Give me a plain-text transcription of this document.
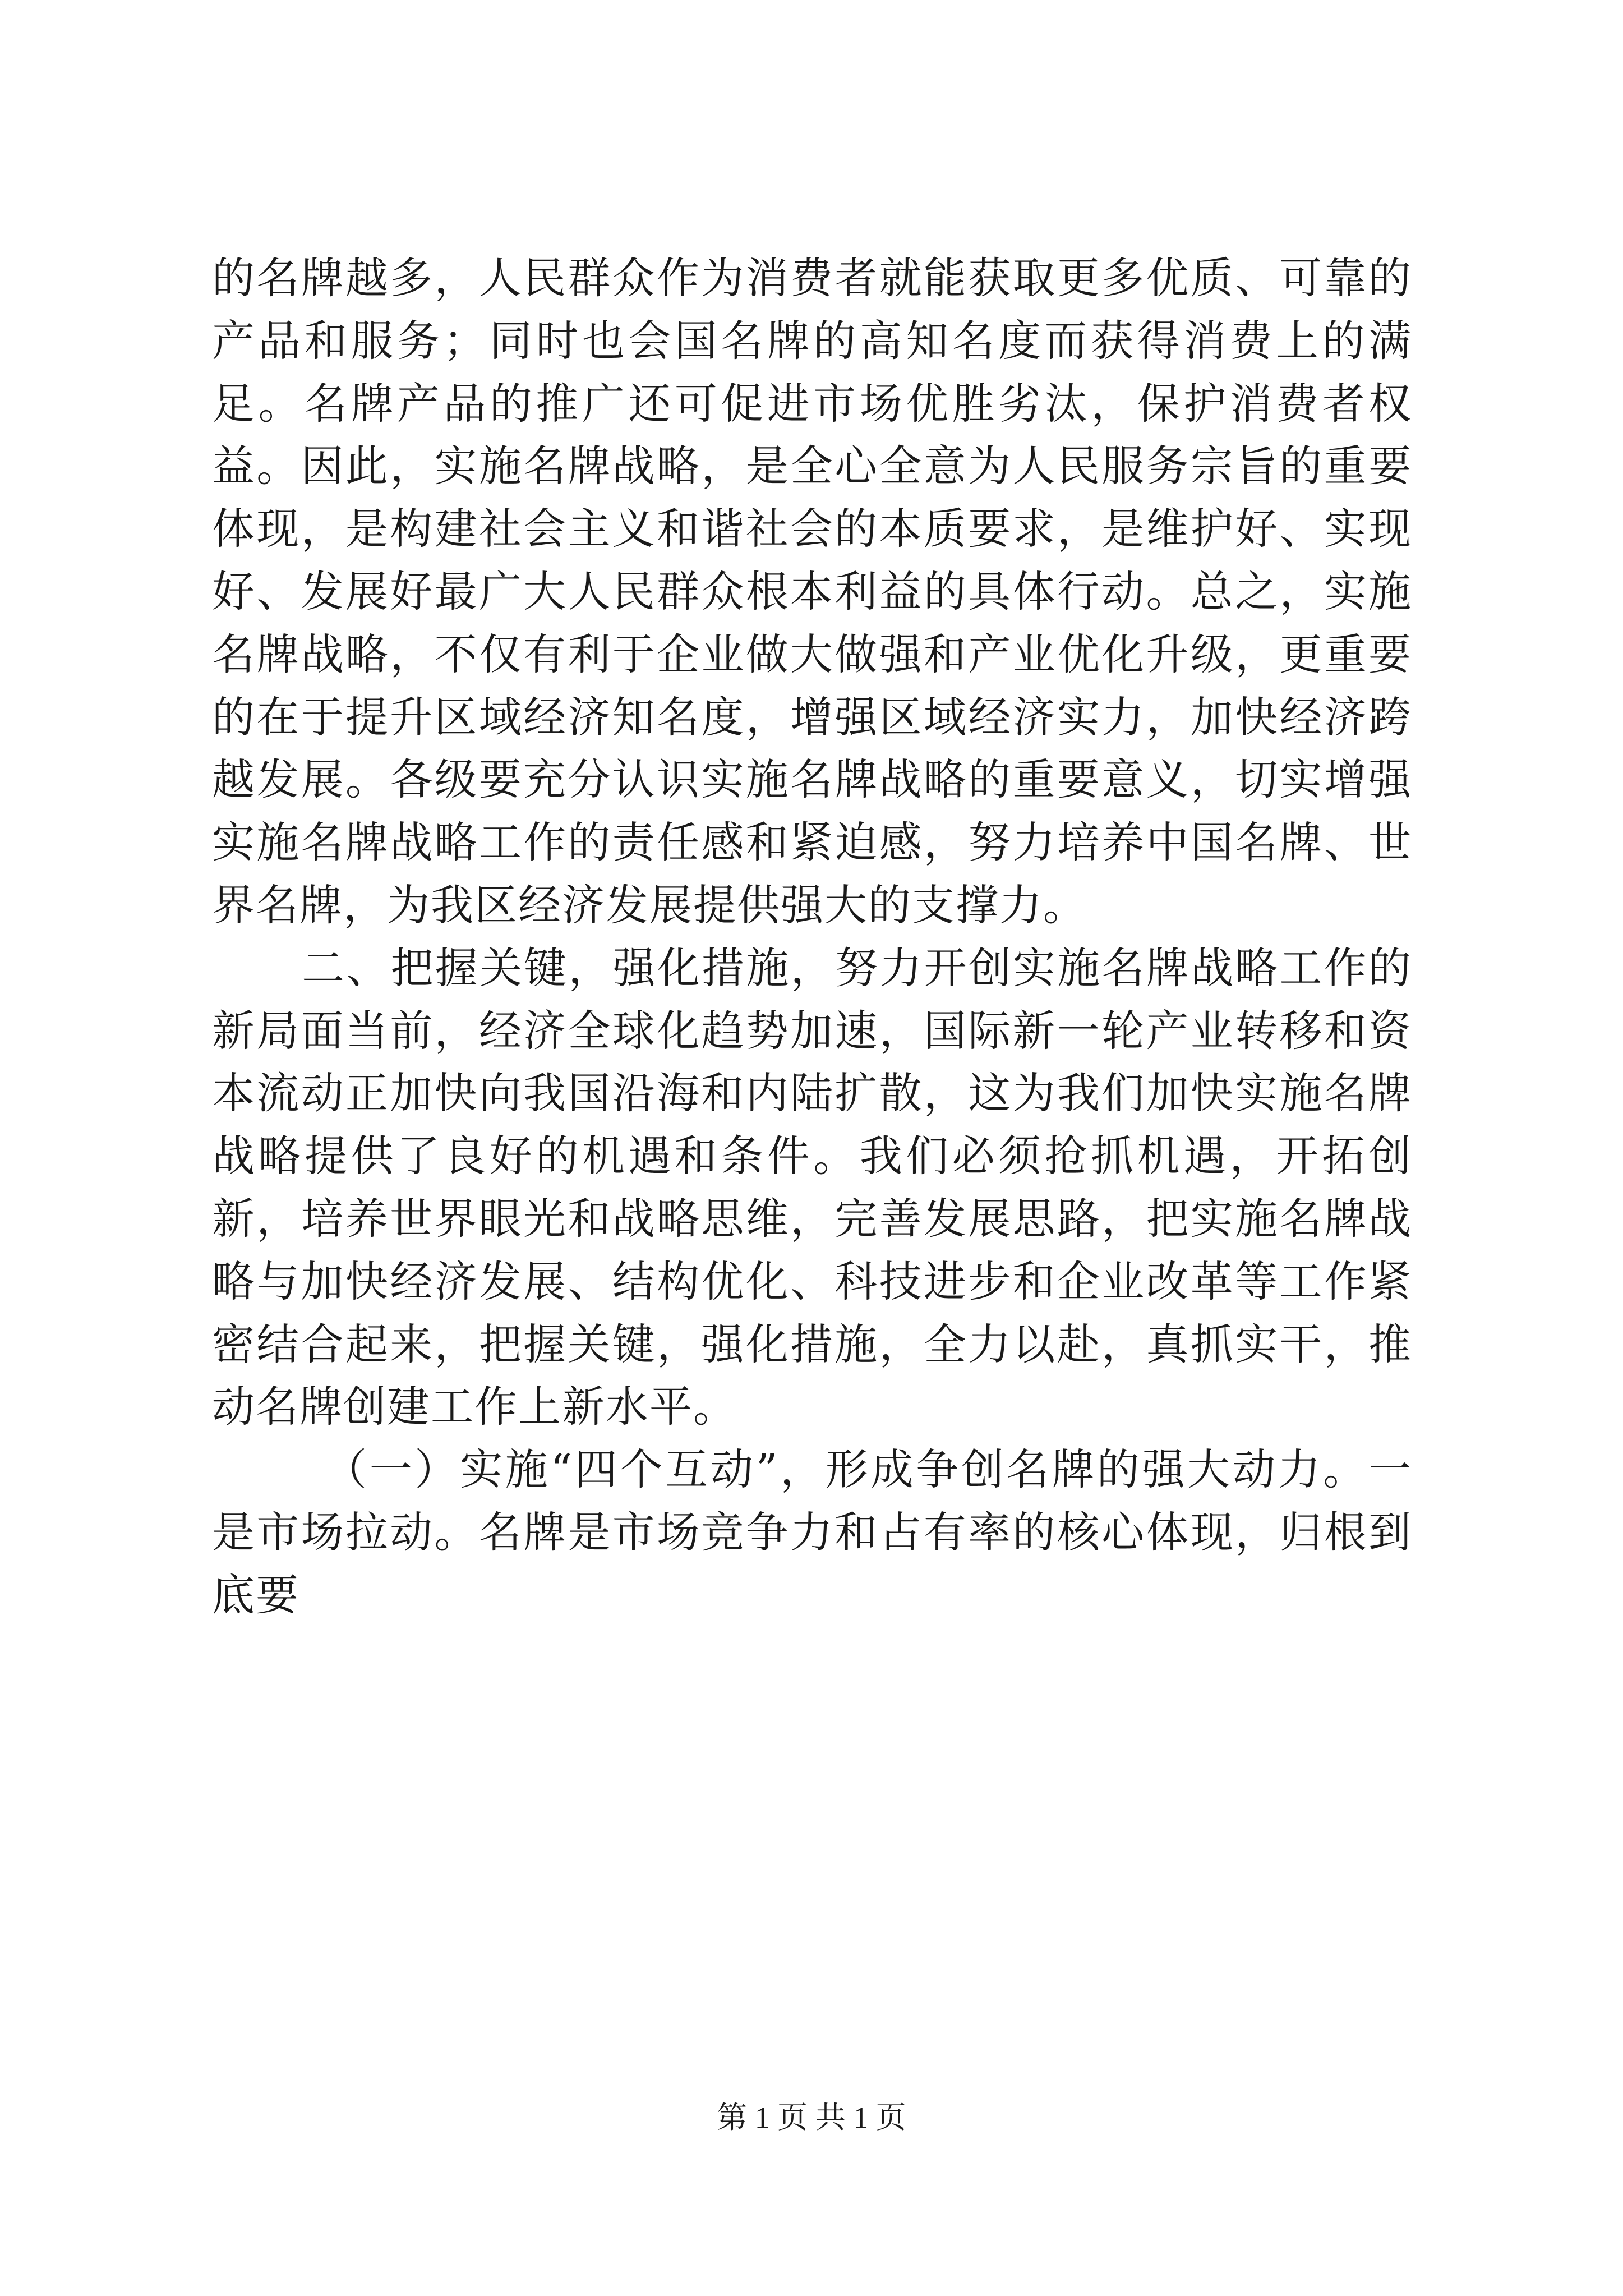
的名牌越多，人民群众作为消费者就能获取更多优质、可靠的产品和服务；同时也会国名牌的高知名度而获得消费上的满足。名牌产品的推广还可促进市场优胜劣汰，保护消费者权益。因此，实施名牌战略，是全心全意为人民服务宗旨的重要体现，是构建社会主义和谐社会的本质要求，是维护好、实现好、发展好最广大人民群众根本利益的具体行动。总之，实施名牌战略，不仅有利于企业做大做强和产业优化升级，更重要的在于提升区域经济知名度，增强区域经济实力，加快经济跨越发展。各级要充分认识实施名牌战略的重要意义，切实增强实施名牌战略工作的责任感和紧迫感，努力培养中国名牌、世界名牌，为我区经济发展提供强大的支撑力。

二、把握关键，强化措施，努力开创实施名牌战略工作的新局面当前，经济全球化趋势加速，国际新一轮产业转移和资本流动正加快向我国沿海和内陆扩散，这为我们加快实施名牌战略提供了良好的机遇和条件。我们必须抢抓机遇，开拓创新，培养世界眼光和战略思维，完善发展思路，把实施名牌战略与加快经济发展、结构优化、科技进步和企业改革等工作紧密结合起来，把握关键，强化措施，全力以赴，真抓实干，推动名牌创建工作上新水平。

（一）实施“四个互动”，形成争创名牌的强大动力。一是市场拉动。名牌是市场竞争力和占有率的核心体现，归根到底要

第 1 页 共 1 页
